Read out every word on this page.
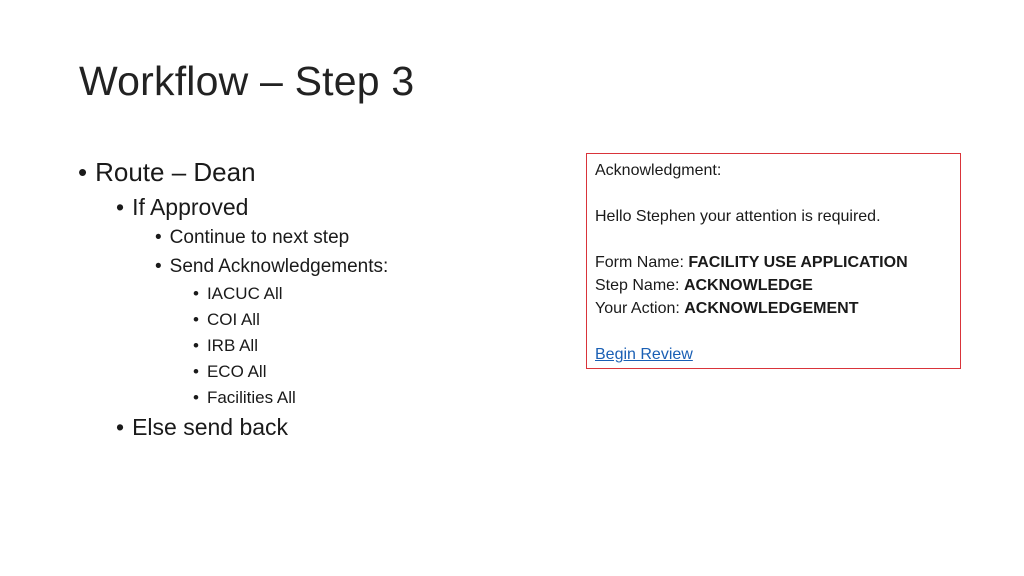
Workflow – Step 3
• Route – Dean
• If Approved
• Continue to next step
• Send Acknowledgements:
• IACUC All
• COI All
• IRB All
• ECO All
• Facilities All
• Else send back
Acknowledgment:
Hello Stephen your attention is required.
Form Name: FACILITY USE APPLICATION
Step Name: ACKNOWLEDGE
Your Action: ACKNOWLEDGEMENT
Begin Review
